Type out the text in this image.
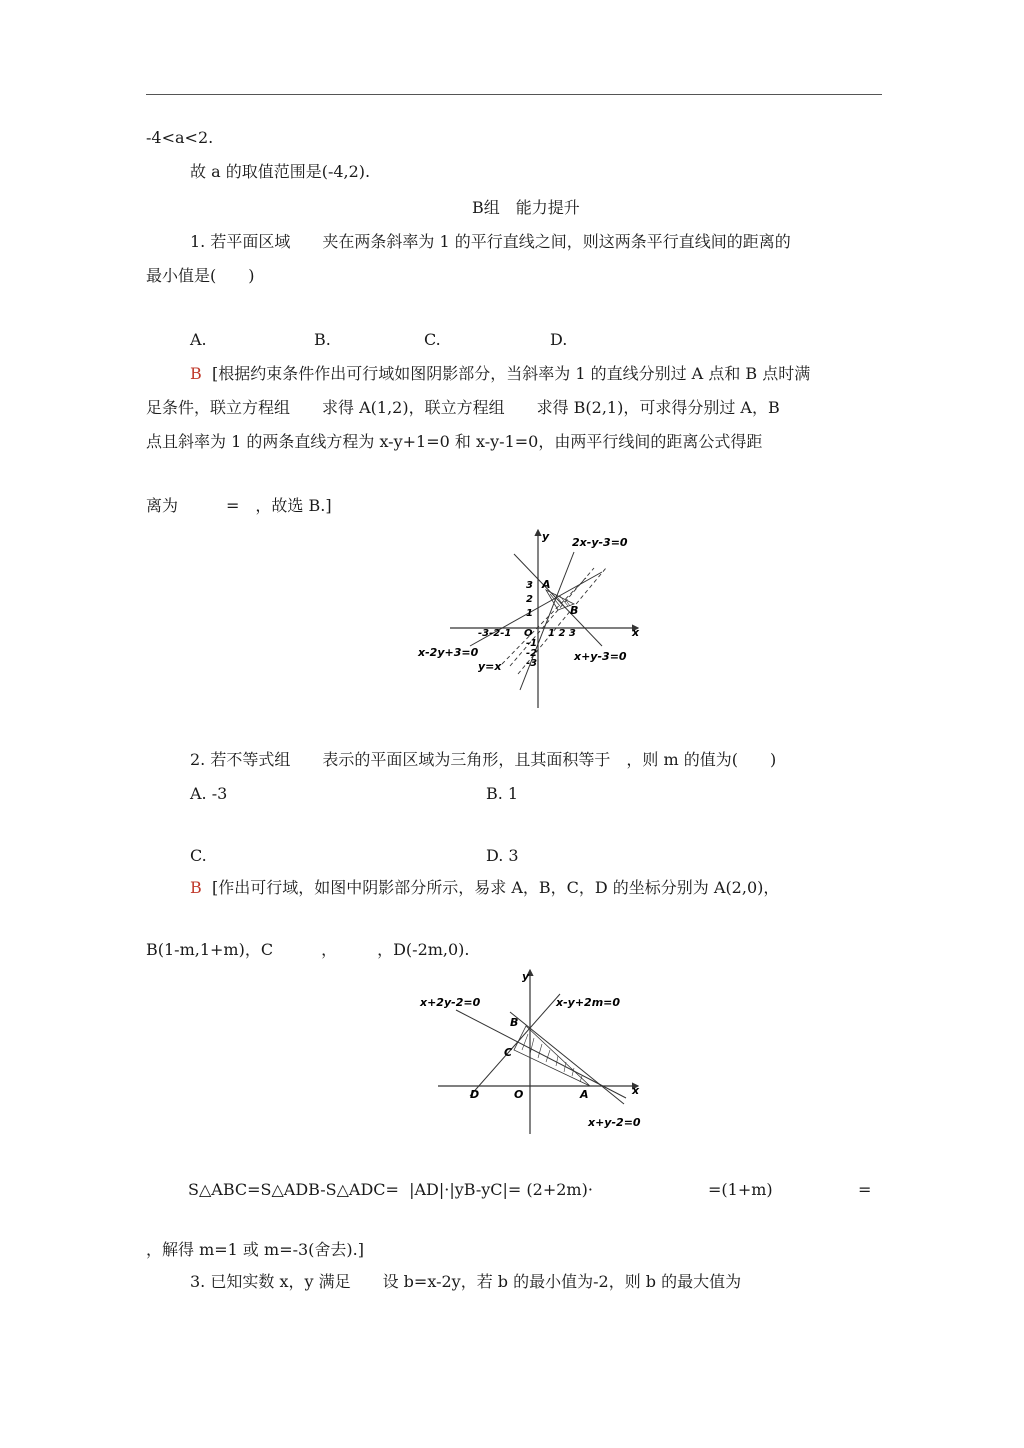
-4<a<2.
故 a 的取值范围是(-4,2).
B组　能力提升
1. 若平面区域　　夹在两条斜率为 1 的平行直线之间，则这两条平行直线间的距离的
最小值是(　　)
A.	B.	C.	D.
B [根据约束条件作出可行域如图阴影部分，当斜率为 1 的直线分别过 A 点和 B 点时满
足条件，联立方程组　　求得 A(1,2)，联立方程组　　求得 B(2,1)，可求得分别过 A，B
点且斜率为 1 的两条直线方程为 x-y+1=0 和 x-y-1=0，由两平行线间的距离公式得距
离为　　　=　，故选 B.]
y
x
2x-y-3=0
x-2y+3=0
y=x
x+y-3=0
A
B
3
2
1
-3-2-1 O 1 2 3
-1
-2
-3
2. 若不等式组　　表示的平面区域为三角形，且其面积等于　，则 m 的值为(　　)
A. -3	B. 1
C.	D. 3
B [作出可行域，如图中阴影部分所示，易求 A，B，C，D 的坐标分别为 A(2,0)，
B(1-m,1+m)，C　　　，　　　，D(-2m,0).
y
x
x+2y-2=0	x-y+2m=0
x+y-2=0
B
C
D	O	A
S△ABC=S△ADB-S△ADC=  |AD|·|yB-yC|= (2+2m)·	=(1+m)	=
，解得 m=1 或 m=-3(舍去).]
3. 已知实数 x，y 满足　　设 b=x-2y，若 b 的最小值为-2，则 b 的最大值为
